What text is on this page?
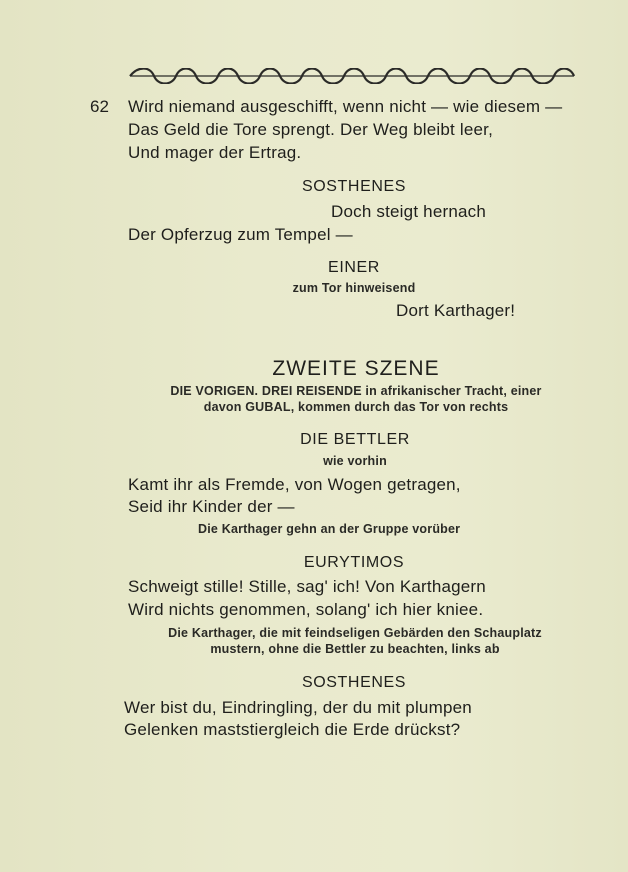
62 Wird niemand ausgeschifft, wenn nicht — wie diesem —
Das Geld die Tore sprengt. Der Weg bleibt leer,
Und mager der Ertrag.
SOSTHENES
Doch steigt hernach
Der Opferzug zum Tempel —
EINER
zum Tor hinweisend
Dort Karthager!
ZWEITE SZENE
DIE VORIGEN. DREI REISENDE in afrikanischer Tracht, einer
davon GUBAL, kommen durch das Tor von rechts
DIE BETTLER
wie vorhin
Kamt ihr als Fremde, von Wogen getragen,
Seid ihr Kinder der —
Die Karthager gehn an der Gruppe vorüber
EURYTIMOS
Schweigt stille! Stille, sag' ich! Von Karthagern
Wird nichts genommen, solang' ich hier kniee.
Die Karthager, die mit feindseligen Gebärden den Schauplatz
mustern, ohne die Bettler zu beachten, links ab
SOSTHENES
Wer bist du, Eindringling, der du mit plumpen
Gelenken maststiergleich die Erde drückst?
